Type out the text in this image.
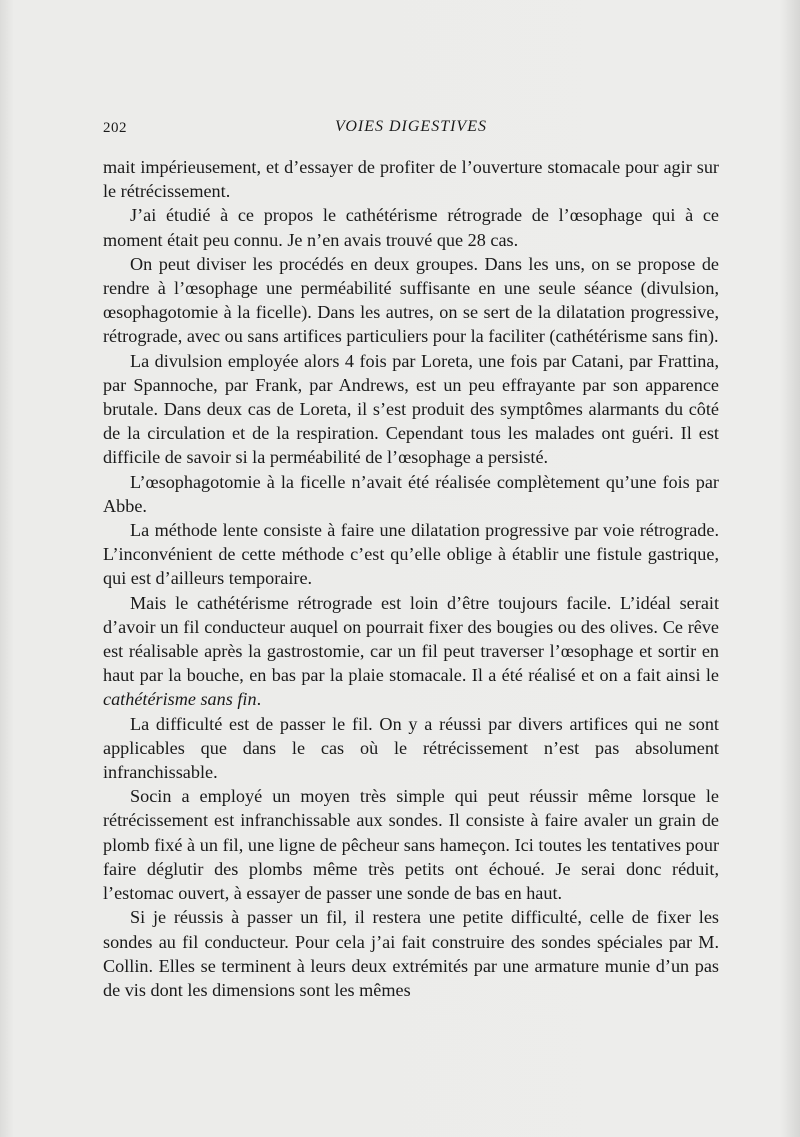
202	VOIES DIGESTIVES

mait impérieusement, et d’essayer de profiter de l’ouverture stomacale pour agir sur le rétrécissement.

J’ai étudié à ce propos le cathétérisme rétrograde de l’œsophage qui à ce moment était peu connu. Je n’en avais trouvé que 28 cas.

On peut diviser les procédés en deux groupes. Dans les uns, on se propose de rendre à l’œsophage une perméabilité suffisante en une seule séance (divulsion, œsophagotomie à la ficelle). Dans les autres, on se sert de la dilatation progressive, rétrograde, avec ou sans artifices particuliers pour la faciliter (cathétérisme sans fin).

La divulsion employée alors 4 fois par Loreta, une fois par Catani, par Frattina, par Spannoche, par Frank, par Andrews, est un peu effrayante par son apparence brutale. Dans deux cas de Loreta, il s’est produit des symptômes alarmants du côté de la circulation et de la respiration. Cependant tous les malades ont guéri. Il est difficile de savoir si la perméabilité de l’œsophage a persisté.

L’œsophagotomie à la ficelle n’avait été réalisée complètement qu’une fois par Abbe.

La méthode lente consiste à faire une dilatation progressive par voie rétrograde. L’inconvénient de cette méthode c’est qu’elle oblige à établir une fistule gastrique, qui est d’ailleurs temporaire.

Mais le cathétérisme rétrograde est loin d’être toujours facile. L’idéal serait d’avoir un fil conducteur auquel on pourrait fixer des bougies ou des olives. Ce rêve est réalisable après la gastrostomie, car un fil peut traverser l’œsophage et sortir en haut par la bouche, en bas par la plaie stomacale. Il a été réalisé et on a fait ainsi le cathétérisme sans fin.

La difficulté est de passer le fil. On y a réussi par divers artifices qui ne sont applicables que dans le cas où le rétrécissement n’est pas absolument infranchissable.

Socin a employé un moyen très simple qui peut réussir même lorsque le rétrécissement est infranchissable aux sondes. Il consiste à faire avaler un grain de plomb fixé à un fil, une ligne de pêcheur sans hameçon. Ici toutes les tentatives pour faire déglutir des plombs même très petits ont échoué. Je serai donc réduit, l’estomac ouvert, à essayer de passer une sonde de bas en haut.

Si je réussis à passer un fil, il restera une petite difficulté, celle de fixer les sondes au fil conducteur. Pour cela j’ai fait construire des sondes spéciales par M. Collin. Elles se terminent à leurs deux extrémités par une armature munie d’un pas de vis dont les dimensions sont les mêmes
